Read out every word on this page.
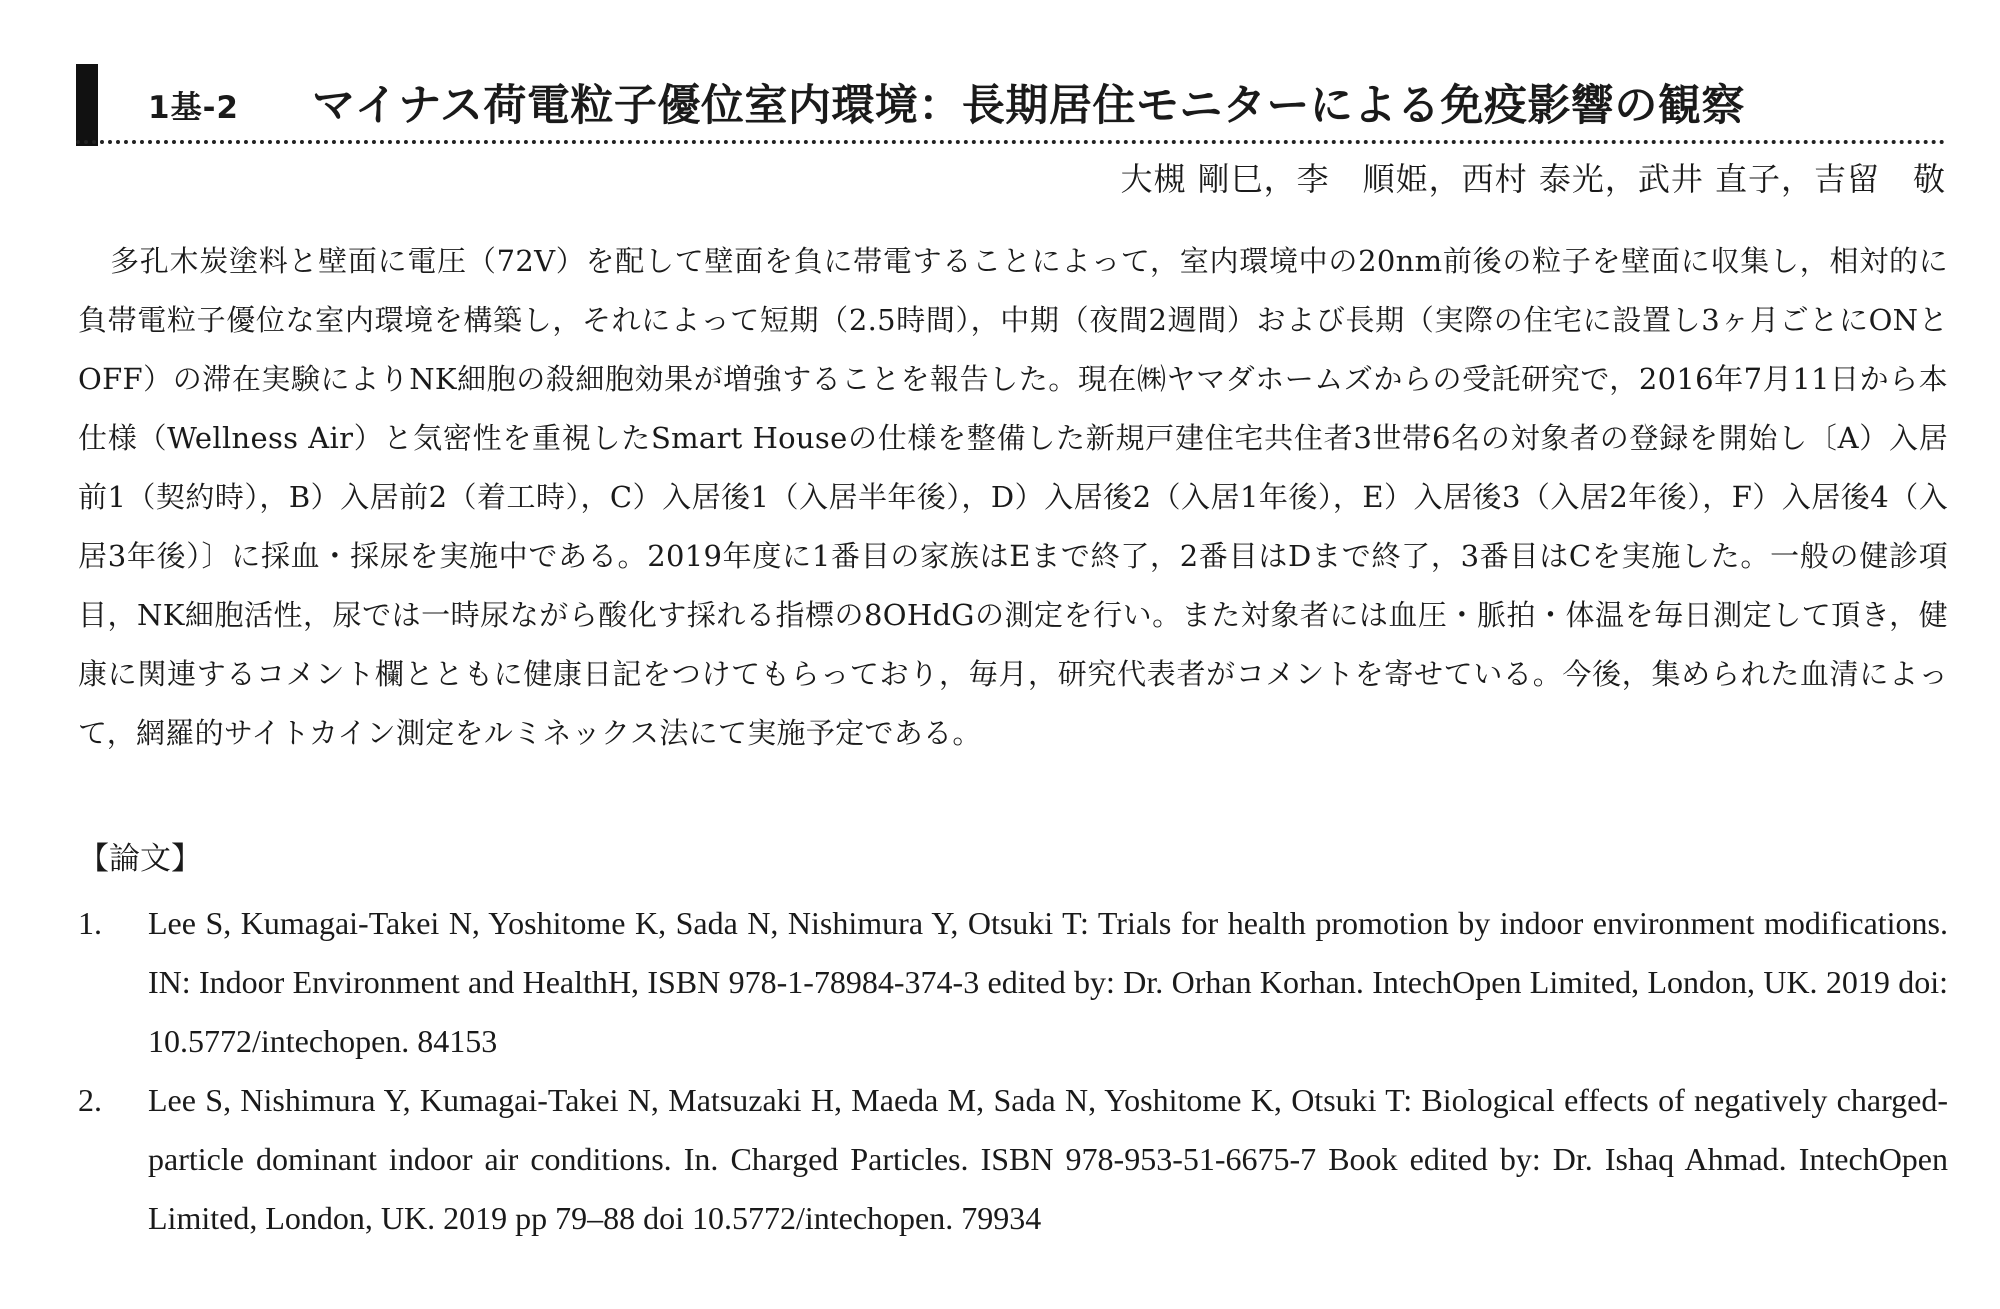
1基-2 マイナス荷電粒子優位室内環境：長期居住モニターによる免疫影響の観察
大槻 剛巳，李　順姫，西村 泰光，武井 直子，吉留　敬

多孔木炭塗料と壁面に電圧（72V）を配して壁面を負に帯電することによって，室内環境中の20nm前後の粒子を壁面に収集し，相対的に負帯電粒子優位な室内環境を構築し，それによって短期（2.5時間），中期（夜間2週間）および長期（実際の住宅に設置し3ヶ月ごとにONとOFF）の滞在実験によりNK細胞の殺細胞効果が増強することを報告した。現在㈱ヤマダホームズからの受託研究で，2016年7月11日から本仕様（Wellness Air）と気密性を重視したSmart Houseの仕様を整備した新規戸建住宅共住者3世帯6名の対象者の登録を開始し〔A）入居前1（契約時），B）入居前2（着工時），C）入居後1（入居半年後），D）入居後2（入居1年後），E）入居後3（入居2年後），F）入居後4（入居3年後）〕に採血・採尿を実施中である。2019年度に1番目の家族はEまで終了，2番目はDまで終了，3番目はCを実施した。一般の健診項目，NK細胞活性，尿では一時尿ながら酸化す採れる指標の8OHdGの測定を行い。また対象者には血圧・脈拍・体温を毎日測定して頂き，健康に関連するコメント欄とともに健康日記をつけてもらっており，毎月，研究代表者がコメントを寄せている。今後，集められた血清によって，網羅的サイトカイン測定をルミネックス法にて実施予定である。

【論文】
1. Lee S, Kumagai-Takei N, Yoshitome K, Sada N, Nishimura Y, Otsuki T: Trials for health promotion by indoor environment modifications. IN: Indoor Environment and HealthH, ISBN 978-1-78984-374-3 edited by: Dr. Orhan Korhan. IntechOpen Limited, London, UK. 2019 doi: 10.5772/intechopen. 84153
2. Lee S, Nishimura Y, Kumagai-Takei N, Matsuzaki H, Maeda M, Sada N, Yoshitome K, Otsuki T: Biological effects of negatively charged-particle dominant indoor air conditions. In. Charged Particles. ISBN 978-953-51-6675-7 Book edited by: Dr. Ishaq Ahmad. IntechOpen Limited, London, UK. 2019 pp 79–88 doi 10.5772/intechopen. 79934
